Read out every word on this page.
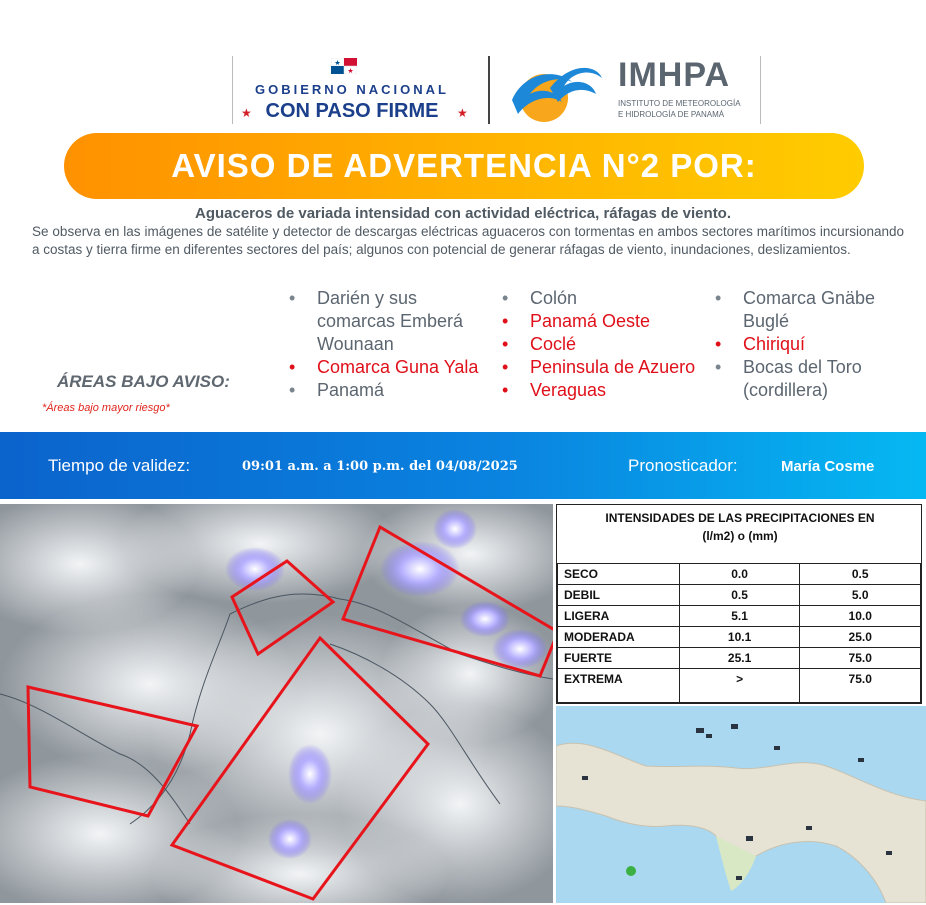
GOBIERNO NACIONAL
★ CON PASO FIRME	★
IMHPA
INSTITUTO DE METEOROLOGÍA
E HIDROLOGÍA DE PANAMÁ
AVISO DE ADVERTENCIA N°2 POR:
Aguaceros de variada intensidad con actividad eléctrica, ráfagas de viento.
Se observa en las imágenes de satélite y detector de descargas eléctricas aguaceros con tormentas en ambos sectores marítimos incursionando a costas y tierra firme en diferentes sectores del país; algunos con potencial de generar ráfagas de viento, inundaciones, deslizamientos.
ÁREAS BAJO AVISO:
*Áreas bajo mayor riesgo*
• Darién y sus comarcas Emberá Wounaan
• Comarca Guna Yala
• Panamá
• Colón
• Panamá Oeste
• Coclé
• Peninsula de Azuero
• Veraguas
• Comarca Gnäbe Buglé
• Chiriquí
• Bocas del Toro (cordillera)
Tiempo de validez:	09:01 a.m. a 1:00 p.m. del 04/08/2025	Pronosticador:	María Cosme
INTENSIDADES DE LAS PRECIPITACIONES EN
(l/m2) o (mm)
SECO	0.0	0.5
DEBIL	0.5	5.0
LIGERA	5.1	10.0
MODERADA	10.1	25.0
FUERTE	25.1	75.0
EXTREMA	>	75.0
